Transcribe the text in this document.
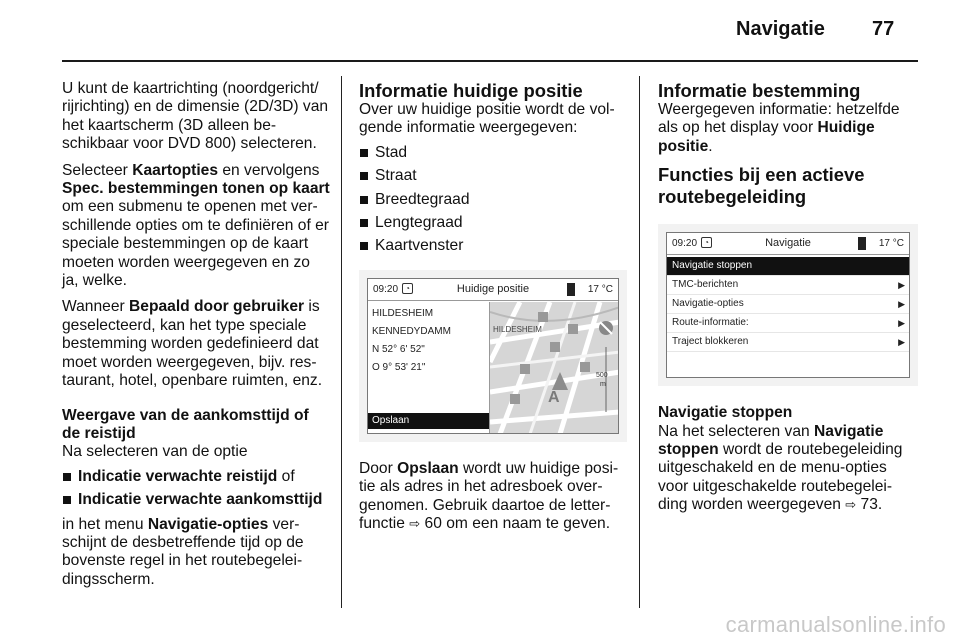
Navigatie 77

U kunt de kaartrichting (noordgericht/ rijrichting) en de dimensie (2D/3D) van het kaartscherm (3D alleen be-schikbaar voor DVD 800) selecteren.

Selecteer Kaartopties en vervolgens Spec. bestemmingen tonen op kaart om een submenu te openen met ver-schillende opties om te definiëren of er speciale bestemmingen op de kaart moeten worden weergegeven en zo ja, welke.

Wanneer Bepaald door gebruiker is geselecteerd, kan het type speciale bestemming worden gedefinieerd dat moet worden weergegeven, bijv. res-taurant, hotel, openbare ruimten, enz.

Weergave van de aankomsttijd of de reistijd

Na selecteren van de optie

Indicatie verwachte reistijd of
Indicatie verwachte aankomsttijd

in het menu Navigatie-opties ver-schijnt de desbetreffende tijd op de bovenste regel in het routebegelei-dingsscherm.

Informatie huidige positie

Over uw huidige positie wordt de vol-gende informatie weergegeven:

Stad
Straat
Breedtegraad
Lengtegraad
Kaartvenster
09:20 ◔	Huidige positie	17 °C
HILDESHEIM
KENNEDYDAMM
N 52° 6' 52"
O 9° 53' 21"
Opslaan
A
HILDESHEIM
500
m

Door Opslaan wordt uw huidige posi-tie als adres in het adresboek over-genomen. Gebruik daartoe de letter-functie ⇨ 60 om een naam te geven.

Informatie bestemming

Weergegeven informatie: hetzelfde als op het display voor Huidige positie.

Functies bij een actieve routebegeleiding
09:20 ◔	Navigatie	17 °C
Navigatie stoppen
TMC-berichten	▶
Navigatie-opties	▶
Route-informatie:	▶
Traject blokkeren	▶
Navigatie stoppen

Na het selecteren van Navigatie stoppen wordt de routebegeleiding uitgeschakeld en de menu-opties voor uitgeschakelde routebegelei-ding worden weergegeven ⇨ 73.

carmanualsonline.info
